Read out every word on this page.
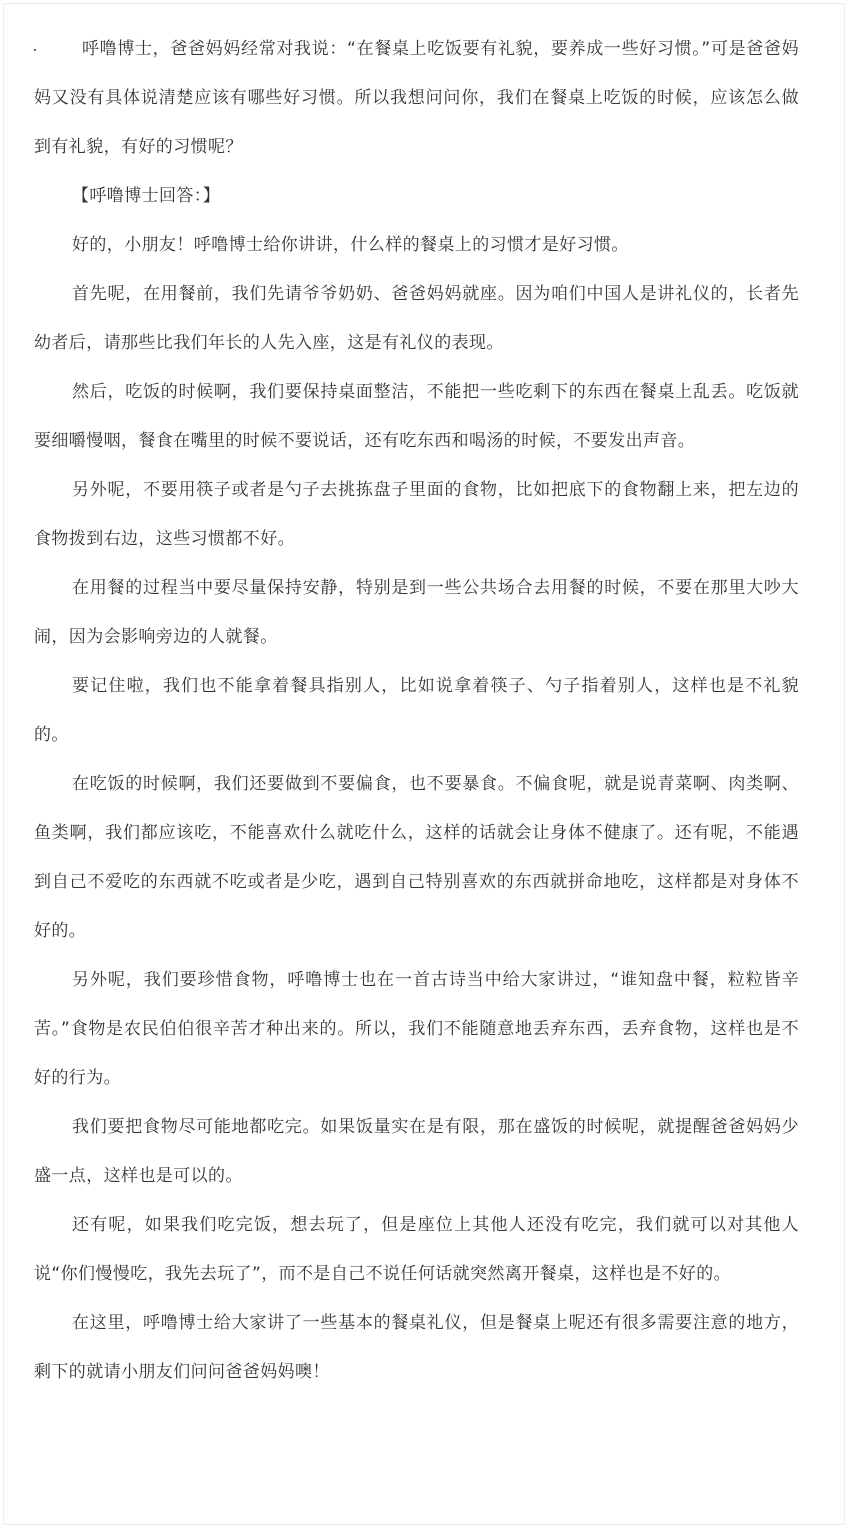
呼噜博士，爸爸妈妈经常对我说：“在餐桌上吃饭要有礼貌，要养成一些好习惯。”可是爸爸妈妈又没有具体说清楚应该有哪些好习惯。所以我想问问你，我们在餐桌上吃饭的时候，应该怎么做到有礼貌，有好的习惯呢？

【呼噜博士回答：】

好的，小朋友！呼噜博士给你讲讲，什么样的餐桌上的习惯才是好习惯。

首先呢，在用餐前，我们先请爷爷奶奶、爸爸妈妈就座。因为咱们中国人是讲礼仪的，长者先幼者后，请那些比我们年长的人先入座，这是有礼仪的表现。

然后，吃饭的时候啊，我们要保持桌面整洁，不能把一些吃剩下的东西在餐桌上乱丢。吃饭就要细嚼慢咽，餐食在嘴里的时候不要说话，还有吃东西和喝汤的时候，不要发出声音。

另外呢，不要用筷子或者是勺子去挑拣盘子里面的食物，比如把底下的食物翻上来，把左边的食物拨到右边，这些习惯都不好。

在用餐的过程当中要尽量保持安静，特别是到一些公共场合去用餐的时候，不要在那里大吵大闹，因为会影响旁边的人就餐。

要记住啦，我们也不能拿着餐具指别人，比如说拿着筷子、勺子指着别人，这样也是不礼貌的。

在吃饭的时候啊，我们还要做到不要偏食，也不要暴食。不偏食呢，就是说青菜啊、肉类啊、鱼类啊，我们都应该吃，不能喜欢什么就吃什么，这样的话就会让身体不健康了。还有呢，不能遇到自己不爱吃的东西就不吃或者是少吃，遇到自己特别喜欢的东西就拼命地吃，这样都是对身体不好的。

另外呢，我们要珍惜食物，呼噜博士也在一首古诗当中给大家讲过，“谁知盘中餐，粒粒皆辛苦。”食物是农民伯伯很辛苦才种出来的。所以，我们不能随意地丢弃东西，丢弃食物，这样也是不好的行为。

我们要把食物尽可能地都吃完。如果饭量实在是有限，那在盛饭的时候呢，就提醒爸爸妈妈少盛一点，这样也是可以的。

还有呢，如果我们吃完饭，想去玩了，但是座位上其他人还没有吃完，我们就可以对其他人说“你们慢慢吃，我先去玩了”，而不是自己不说任何话就突然离开餐桌，这样也是不好的。

在这里，呼噜博士给大家讲了一些基本的餐桌礼仪，但是餐桌上呢还有很多需要注意的地方，剩下的就请小朋友们问问爸爸妈妈噢！
